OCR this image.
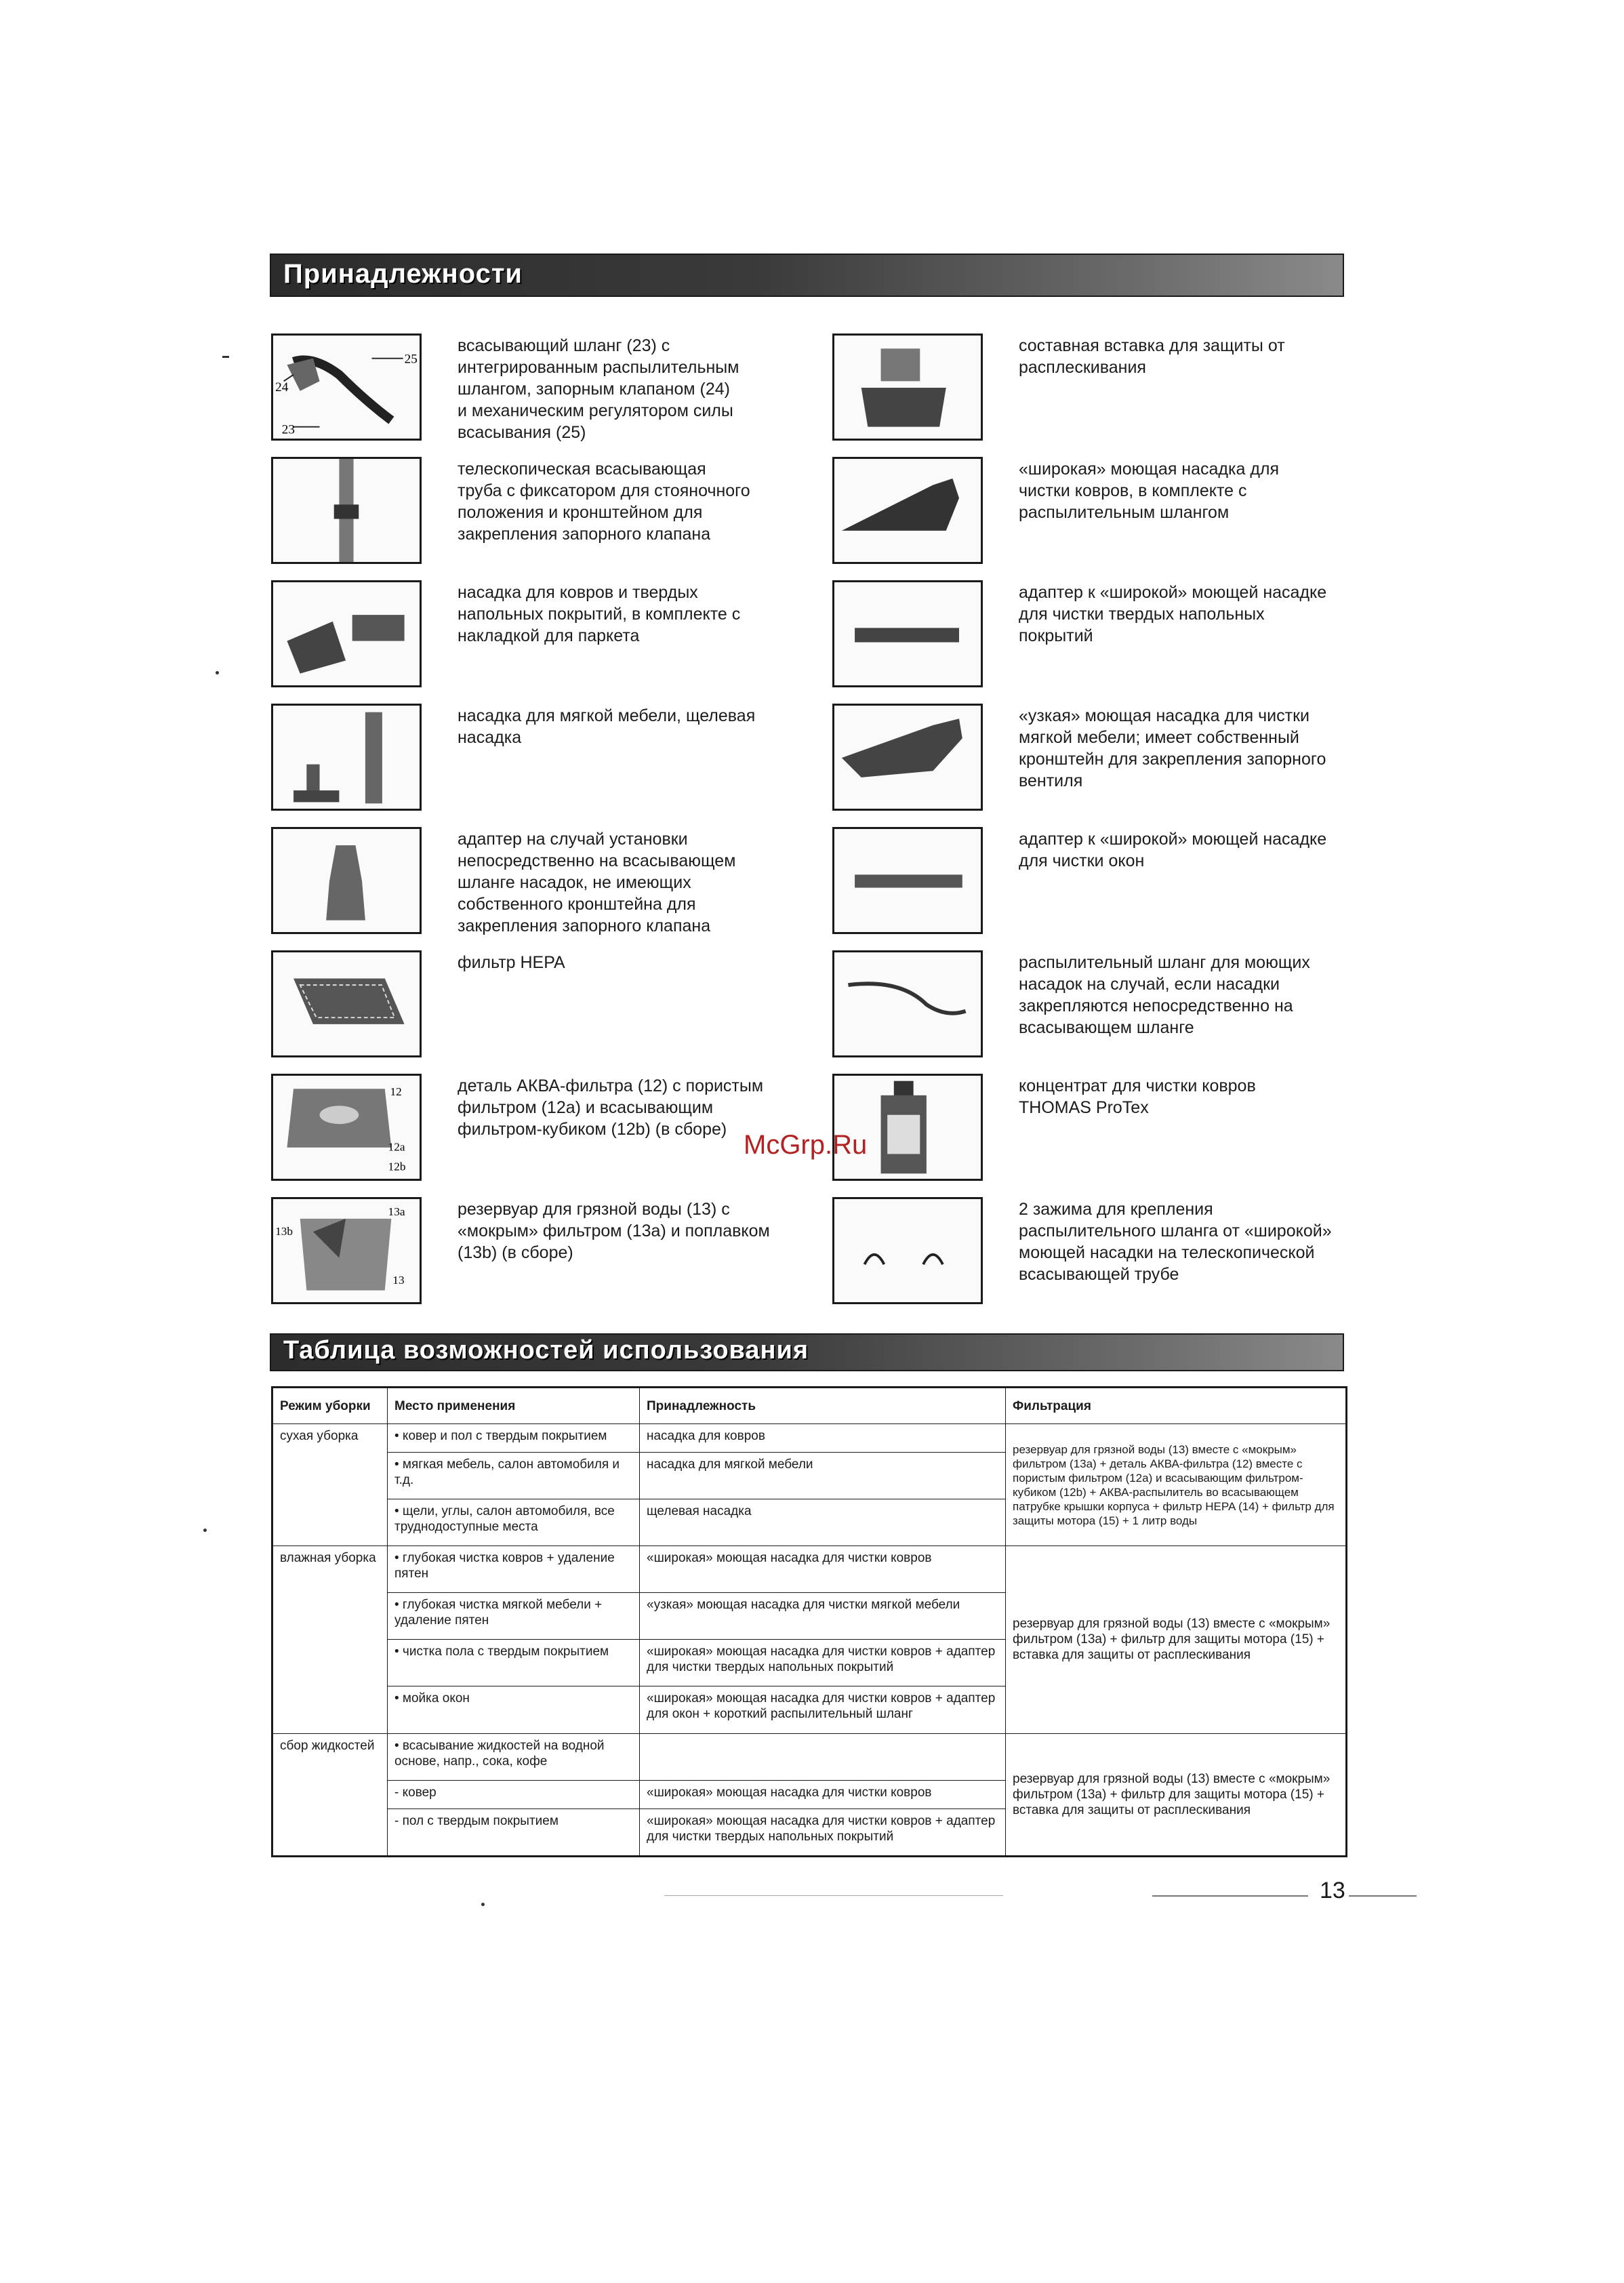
Принадлежности
25
24
23
всасывающий шланг (23) с
интегрированным распылительным
шлангом, запорным клапаном (24)
и механическим регулятором силы
всасывания (25)
телескопическая всасывающая
труба с фиксатором для стояночного
положения и кронштейном для
закрепления запорного клапана
насадка для ковров и твердых
напольных покрытий, в комплекте с
накладкой для паркета
насадка для мягкой мебели, щелевая
насадка
адаптер на случай установки
непосредственно на всасывающем
шланге насадок, не имеющих
собственного кронштейна для
закрепления запорного клапана
фильтр HEPA
12
12a
12b
деталь АКВА-фильтра (12) с пористым
фильтром (12а) и всасывающим
фильтром-кубиком (12b) (в сборе)
13a
13b
13
резервуар для грязной воды (13) с
«мокрым» фильтром (13а) и поплавком
(13b) (в сборе)
составная вставка для защиты от
расплескивания
«широкая» моющая насадка для
чистки ковров, в комплекте с
распылительным шлангом
адаптер к «широкой» моющей насадке
для чистки твердых напольных
покрытий
«узкая» моющая насадка для чистки
мягкой мебели; имеет собственный
кронштейн для закрепления запорного
вентиля
адаптер к «широкой» моющей насадке
для чистки окон
распылительный шланг для моющих
насадок на случай, если насадки
закрепляются непосредственно на
всасывающем шланге
концентрат для чистки ковров
THOMAS ProTex
2 зажима для крепления
распылительного шланга от «широкой»
моющей насадки на телескопической
всасывающей трубе
McGrp.Ru
Таблица возможностей использования
Режим уборки	Место применения	Принадлежность	Фильтрация
сухая уборка	• ковер и пол с твердым покрытием	насадка для ковров	резервуар для грязной воды (13) вместе с «мокрым» фильтром (13а) + деталь АКВА-фильтра (12) вместе с пористым фильтром (12а) и всасывающим фильтром-кубиком (12b) + АКВА-распылитель во всасывающем патрубке крышки корпуса + фильтр HEPA (14) + фильтр для защиты мотора (15) + 1 литр воды
	• мягкая мебель, салон автомобиля и т.д.	насадка для мягкой мебели	
	• щели, углы, салон автомобиля, все труднодоступные места	щелевая насадка	
влажная уборка	• глубокая чистка ковров + удаление пятен	«широкая» моющая насадка для чистки ковров	резервуар для грязной воды (13) вместе с «мокрым» фильтром (13а) + фильтр для защиты мотора (15) + вставка для защиты от расплескивания
	• глубокая чистка мягкой мебели + удаление пятен	«узкая» моющая насадка для чистки мягкой мебели	
	• чистка пола с твердым покрытием	«широкая» моющая насадка для чистки ковров + адаптер для чистки твердых напольных покрытий	
	• мойка окон	«широкая» моющая насадка для чистки ковров + адаптер для окон + короткий распылительный шланг	
сбор жидкостей	• всасывание жидкостей на водной основе, напр., сока, кофе		резервуар для грязной воды (13) вместе с «мокрым» фильтром (13а) + фильтр для защиты мотора (15) + вставка для защиты от расплескивания
	- ковер	«широкая» моющая насадка для чистки ковров	
	- пол с твердым покрытием	«широкая» моющая насадка для чистки ковров + адаптер для чистки твердых напольных покрытий	
13
